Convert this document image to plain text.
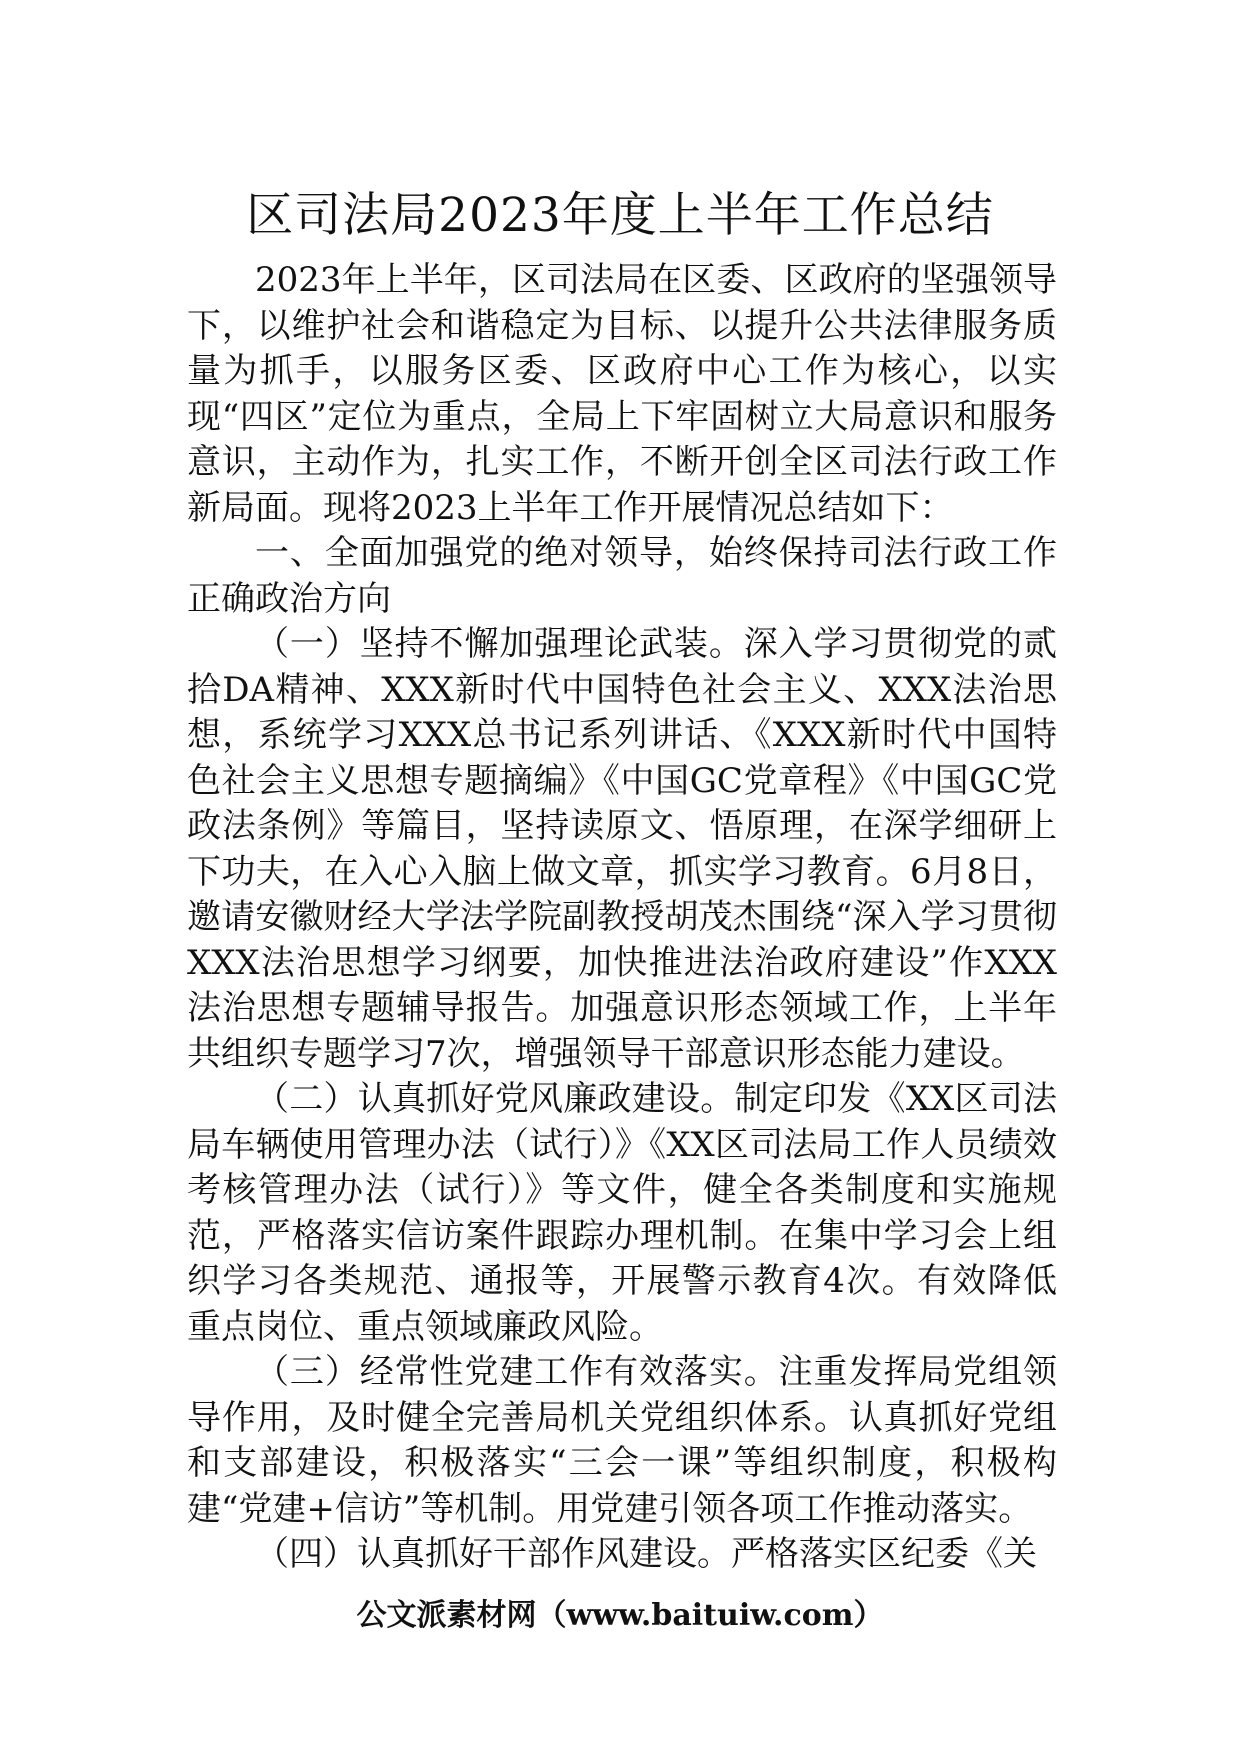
区司法局2023年度上半年工作总结

2023年上半年，区司法局在区委、区政府的坚强领导下，以维护社会和谐稳定为目标、以提升公共法律服务质量为抓手，以服务区委、区政府中心工作为核心，以实现“四区”定位为重点，全局上下牢固树立大局意识和服务意识，主动作为，扎实工作，不断开创全区司法行政工作新局面。现将2023上半年工作开展情况总结如下：

一、全面加强党的绝对领导，始终保持司法行政工作正确政治方向

（一）坚持不懈加强理论武装。深入学习贯彻党的贰拾DA精神、XXX新时代中国特色社会主义、XXX法治思想，系统学习XXX总书记系列讲话、《XXX新时代中国特色社会主义思想专题摘编》《中国GC党章程》《中国GC党政法条例》等篇目，坚持读原文、悟原理，在深学细研上下功夫，在入心入脑上做文章，抓实学习教育。6月8日，邀请安徽财经大学法学院副教授胡茂杰围绕“深入学习贯彻XXX法治思想学习纲要，加快推进法治政府建设”作XXX法治思想专题辅导报告。加强意识形态领域工作，上半年共组织专题学习7次，增强领导干部意识形态能力建设。

（二）认真抓好党风廉政建设。制定印发《XX区司法局车辆使用管理办法（试行）》《XX区司法局工作人员绩效考核管理办法（试行）》等文件，健全各类制度和实施规范，严格落实信访案件跟踪办理机制。在集中学习会上组织学习各类规范、通报等，开展警示教育4次。有效降低重点岗位、重点领域廉政风险。

（三）经常性党建工作有效落实。注重发挥局党组领导作用，及时健全完善局机关党组织体系。认真抓好党组和支部建设，积极落实“三会一课”等组织制度，积极构建“党建+信访”等机制。用党建引领各项工作推动落实。

（四）认真抓好干部作风建设。严格落实区纪委《关

公文派素材网（www.baituiw.com）
